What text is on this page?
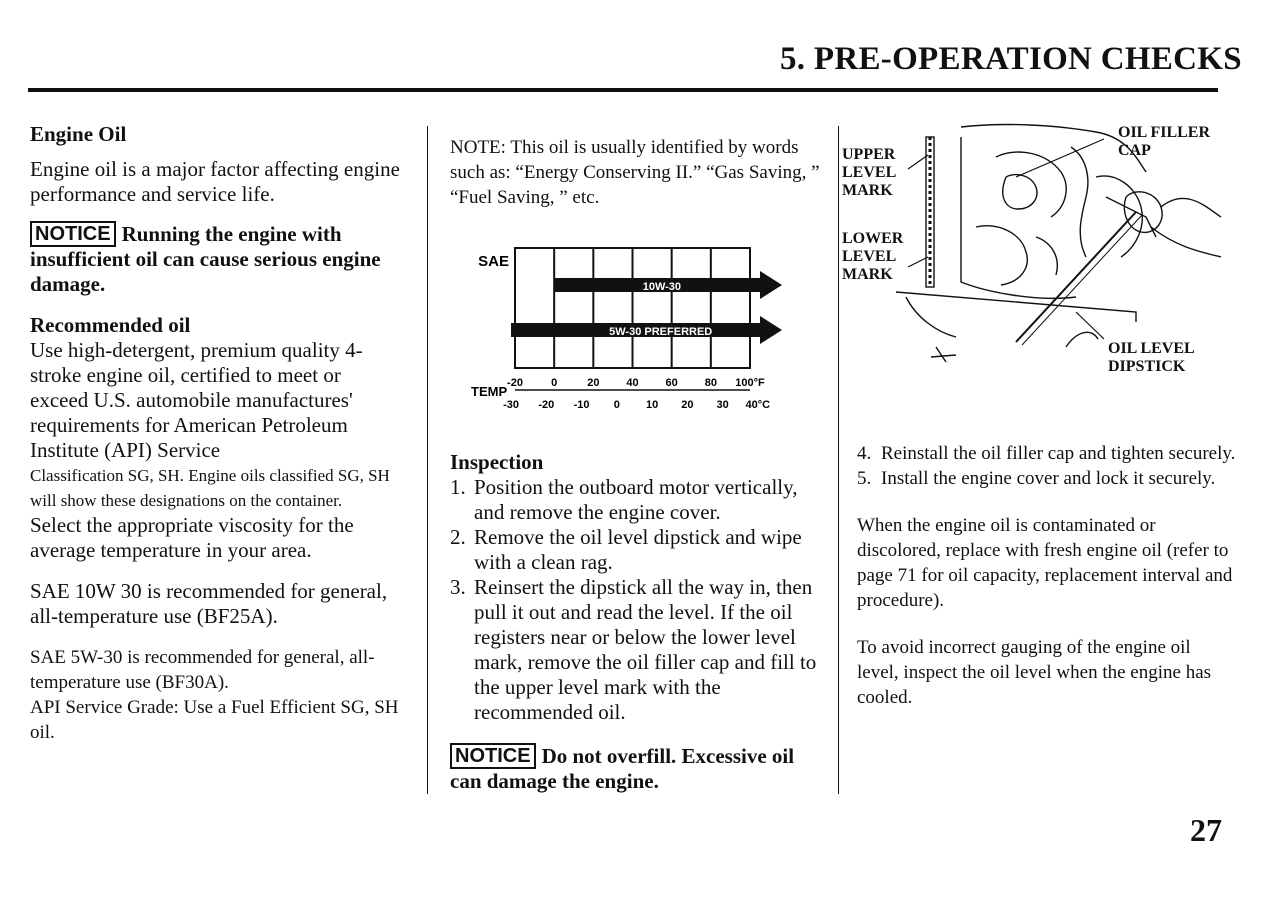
5. PRE-OPERATION CHECKS

Engine Oil

Engine oil is a major factor affecting engine performance and service life.

NOTICE Running the engine with insufficient oil can cause serious engine damage.

Recommended oil

Use high-detergent, premium quality 4-stroke engine oil, certified to meet or exceed U.S. automobile manufactures' requirements for American Petroleum Institute (API) Service

Classification SG, SH. Engine oils classified SG, SH will show these designations on the container.

Select the appropriate viscosity for the average temperature in your area.

SAE 10W 30 is recommended for general, all-temperature use (BF25A).

SAE 5W-30 is recommended for general, all-temperature use (BF30A).

API Service Grade: Use a Fuel Efficient SG, SH oil.

NOTE: This oil is usually identified by words such as: “Energy Conserving II.” “Gas Saving, ” “Fuel Saving, ” etc.

SAE
10W-30
5W-30 PREFERRED
TEMP
-20	0	20 40 60 80 100°F
-30 -20 -10 0 10 20 30 40°C

Inspection

1. Position the outboard motor vertically, and remove the engine cover.
2. Remove the oil level dipstick and wipe with a clean rag.
3. Reinsert the dipstick all the way in, then pull it out and read the level. If the oil registers near or below the lower level mark, remove the oil filler cap and fill to the upper level mark with the recommended oil.

NOTICE Do not overfill. Excessive oil can damage the engine.

UPPER
LEVEL
MARK
LOWER
LEVEL
MARK
OIL FILLER
CAP
OIL LEVEL
DIPSTICK
4. Reinstall the oil filler cap and tighten securely.
5. Install the engine cover and lock it securely.

When the engine oil is contaminated or discolored, replace with fresh engine oil (refer to page 71 for oil capacity, replacement interval and procedure).

To avoid incorrect gauging of the engine oil level, inspect the oil level when the engine has cooled.

27
